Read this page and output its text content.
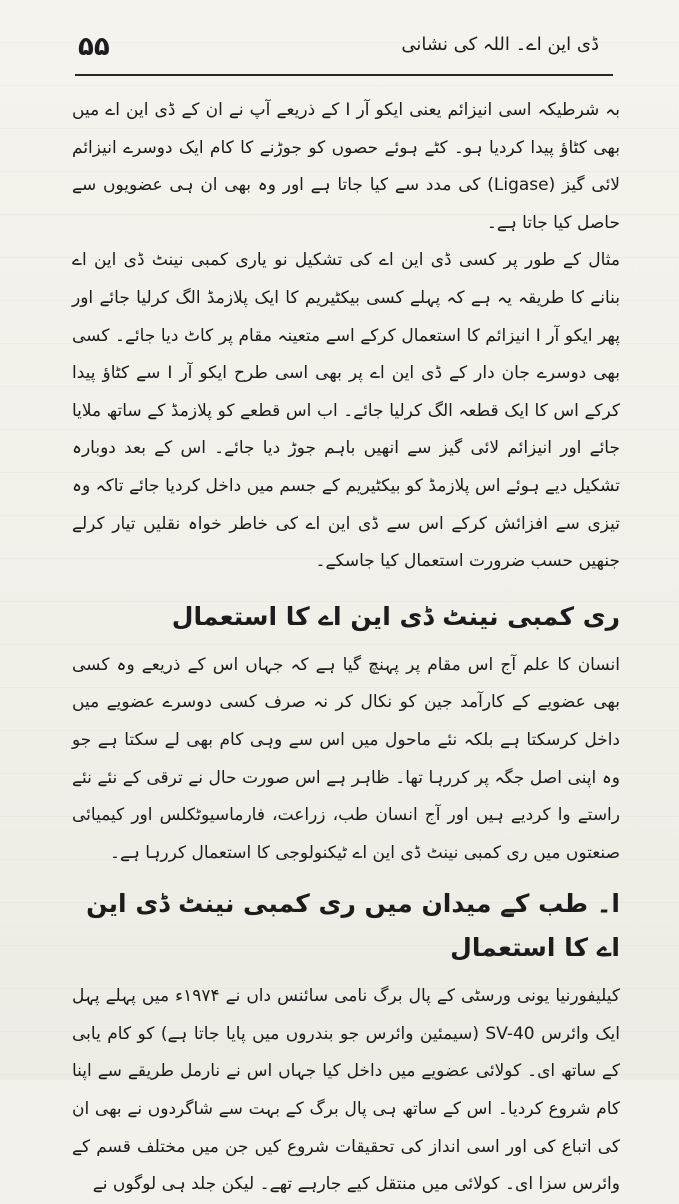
۵۵	ڈی این اے۔ اللہ کی نشانی

بہ شرطیکہ اسی انیزائم یعنی ایکو آر I کے ذریعے آپ نے ان کے ڈی این اے میں بھی کٹاؤ پیدا کردیا ہو۔ کٹے ہوئے حصوں کو جوڑنے کا کام ایک دوسرے انیزائم لائی گیز (Ligase) کی مدد سے کیا جاتا ہے اور وہ بھی ان ہی عضویوں سے حاصل کیا جاتا ہے۔

مثال کے طور پر کسی ڈی این اے کی تشکیل نو یاری کمبی نینٹ ڈی این اے بنانے کا طریقہ یہ ہے کہ پہلے کسی بیکٹیریم کا ایک پلازمڈ الگ کرلیا جائے اور پھر ایکو آر I انیزائم کا استعمال کرکے اسے متعینہ مقام پر کاٹ دیا جائے۔ کسی بھی دوسرے جان دار کے ڈی این اے پر بھی اسی طرح ایکو آر I سے کٹاؤ پیدا کرکے اس کا ایک قطعہ الگ کرلیا جائے۔ اب اس قطعے کو پلازمڈ کے ساتھ ملایا جائے اور انیزائم لائی گیز سے انھیں باہم جوڑ دیا جائے۔ اس کے بعد دوبارہ تشکیل دیے ہوئے اس پلازمڈ کو بیکٹیریم کے جسم میں داخل کردیا جائے تاکہ وہ تیزی سے افزائش کرکے اس سے ڈی این اے کی خاطر خواہ نقلیں تیار کرلے جنھیں حسب ضرورت استعمال کیا جاسکے۔

ری کمبی نینٹ ڈی این اے کا استعمال

انسان کا علم آج اس مقام پر پہنچ گیا ہے کہ جہاں اس کے ذریعے وہ کسی بھی عضویے کے کارآمد جین کو نکال کر نہ صرف کسی دوسرے عضویے میں داخل کرسکتا ہے بلکہ نئے ماحول میں اس سے وہی کام بھی لے سکتا ہے جو وہ اپنی اصل جگہ پر کررہا تھا۔ ظاہر ہے اس صورت حال نے ترقی کے نئے نئے راستے وا کردیے ہیں اور آج انسان طب، زراعت، فارماسیوٹکلس اور کیمیائی صنعتوں میں ری کمبی نینٹ ڈی این اے ٹیکنولوجی کا استعمال کررہا ہے۔

ا۔ طب کے میدان میں ری کمبی نینٹ ڈی این اے کا استعمال

کیلیفورنیا یونی ورسٹی کے پال برگ نامی سائنس داں نے ۱۹۷۴ء میں پہلے پہل ایک وائرس SV-40 (سیمئین وائرس جو بندروں میں پایا جاتا ہے) کو کام یابی کے ساتھ ای۔ کولائی عضویے میں داخل کیا جہاں اس نے نارمل طریقے سے اپنا کام شروع کردیا۔ اس کے ساتھ ہی پال برگ کے بہت سے شاگردوں نے بھی ان کی اتباع کی اور اسی انداز کی تحقیقات شروع کیں جن میں مختلف قسم کے وائرس سزا ای۔ کولائی میں منتقل کیے جارہے تھے۔ لیکن جلد ہی لوگوں نے
